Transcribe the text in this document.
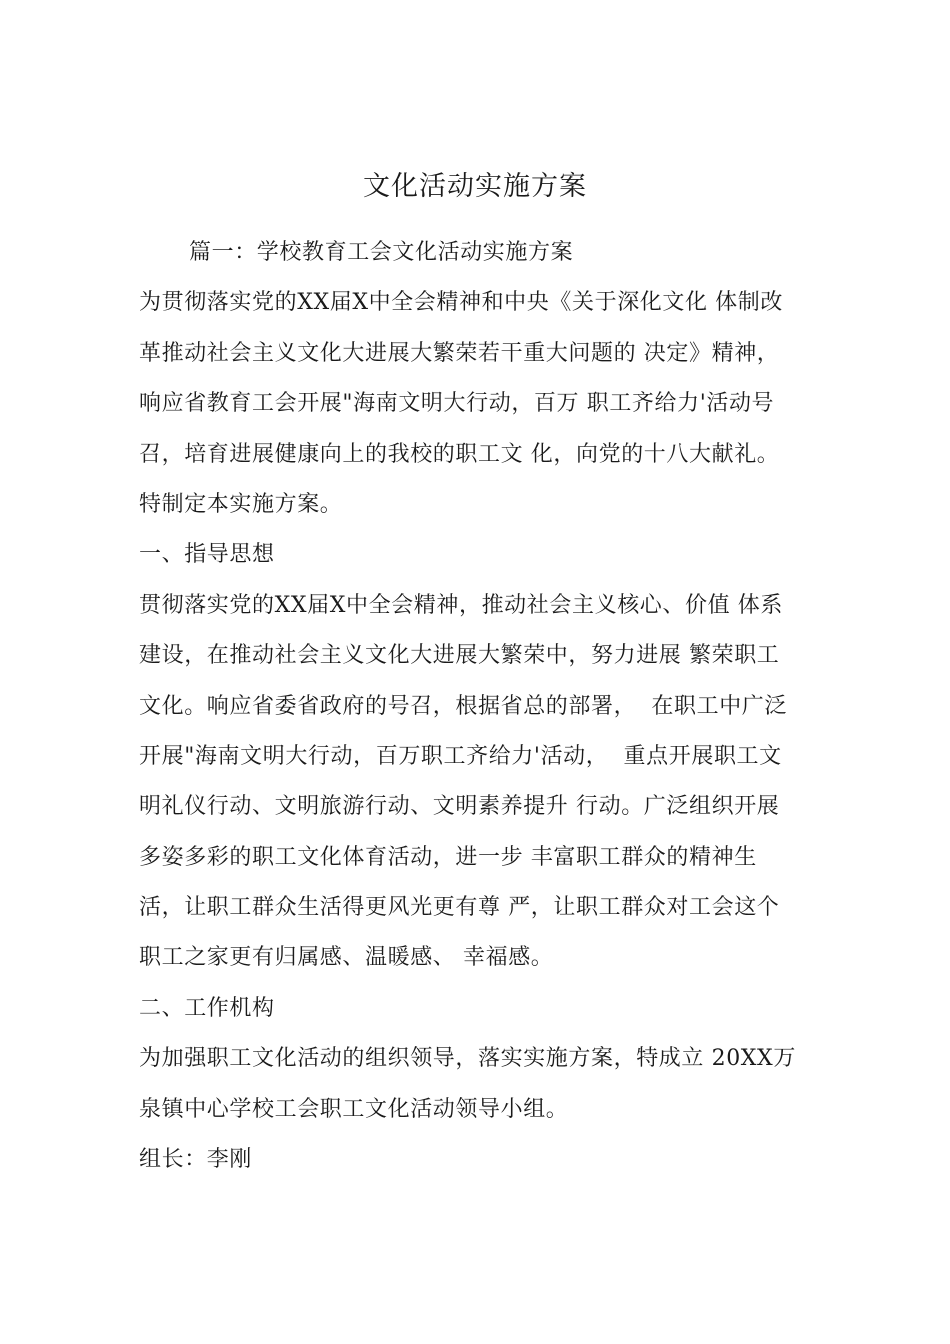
文化活动实施方案
篇一：学校教育工会文化活动实施方案
为贯彻落实党的XX届X中全会精神和中央《关于深化文化 体制改
革推动社会主义文化大进展大繁荣若干重大问题的 决定》精神，
响应省教育工会开展"海南文明大行动，百万 职工齐给力'活动号
召，培育进展健康向上的我校的职工文 化，向党的十八大献礼。
特制定本实施方案。
一、指导思想
贯彻落实党的XX届X中全会精神，推动社会主义核心、价值 体系
建设，在推动社会主义文化大进展大繁荣中，努力进展 繁荣职工
文化。响应省委省政府的号召，根据省总的部署，  在职工中广泛
开展"海南文明大行动，百万职工齐给力'活动，  重点开展职工文
明礼仪行动、文明旅游行动、文明素养提升 行动。广泛组织开展
多姿多彩的职工文化体育活动，进一步 丰富职工群众的精神生
活，让职工群众生活得更风光更有尊 严，让职工群众对工会这个
职工之家更有归属感、温暖感、 幸福感。
二、工作机构
为加强职工文化活动的组织领导，落实实施方案，特成立 20XX万
泉镇中心学校工会职工文化活动领导小组。
组长：李刚
